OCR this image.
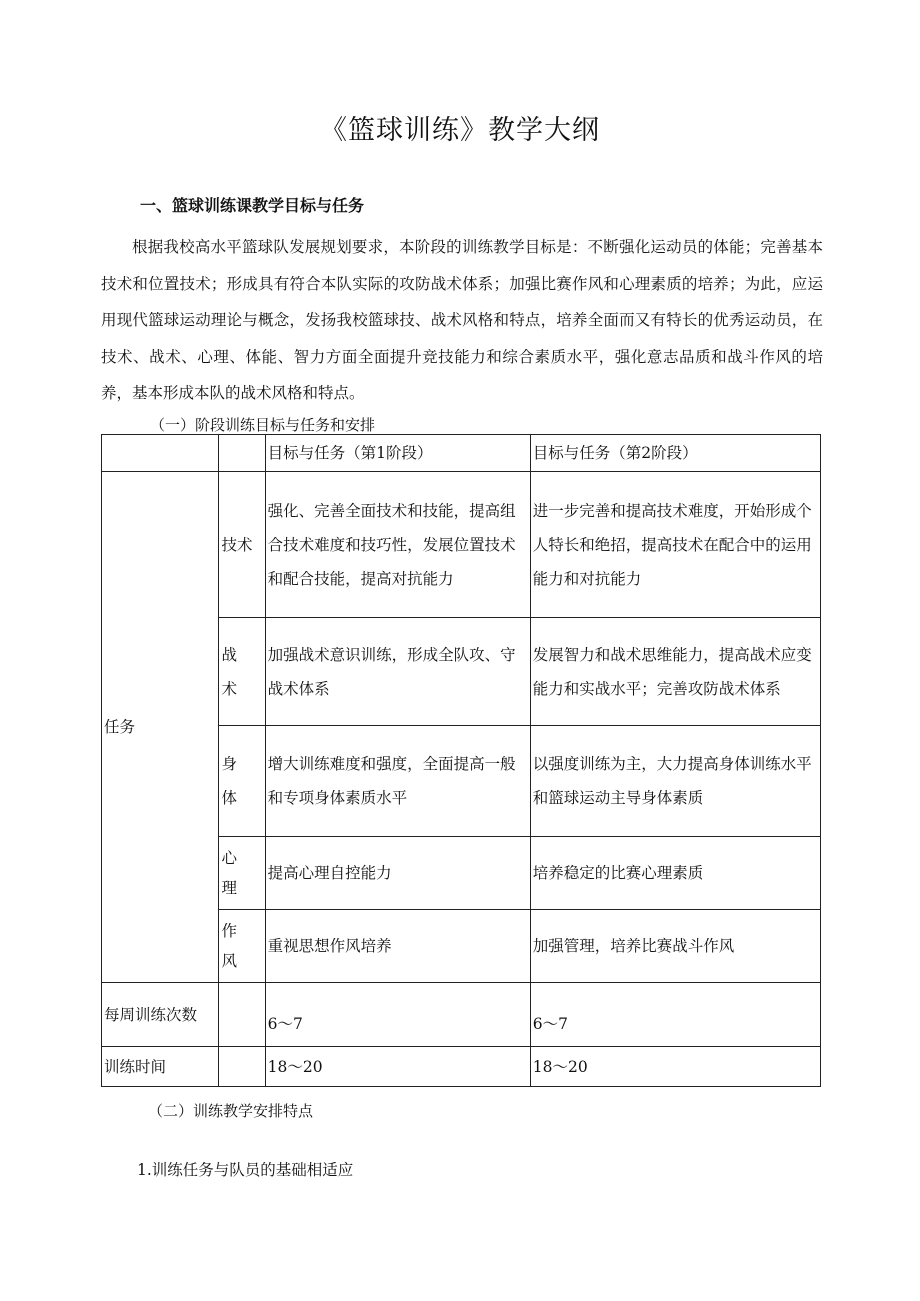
《篮球训练》教学大纲
一、篮球训练课教学目标与任务

根据我校高水平篮球队发展规划要求，本阶段的训练教学目标是：不断强化运动员的体能；完善基本技术和位置技术；形成具有符合本队实际的攻防战术体系；加强比赛作风和心理素质的培养；为此，应运用现代篮球运动理论与概念，发扬我校篮球技、战术风格和特点，培养全面而又有特长的优秀运动员，在技术、战术、心理、体能、智力方面全面提升竞技能力和综合素质水平，强化意志品质和战斗作风的培养，基本形成本队的战术风格和特点。

（一）阶段训练目标与任务和安排
		目标与任务（第1阶段）	目标与任务（第2阶段）
任务	技术	强化、完善全面技术和技能，提高组合技术难度和技巧性，发展位置技术和配合技能，提高对抗能力	进一步完善和提高技术难度，开始形成个人特长和绝招，提高技术在配合中的运用能力和对抗能力

	战术	加强战术意识训练，形成全队攻、守战术体系	发展智力和战术思维能力，提高战术应变能力和实战水平；完善攻防战术体系

	身体	增大训练难度和强度，全面提高一般和专项身体素质水平	以强度训练为主，大力提高身体训练水平和篮球运动主导身体素质

	心理	提高心理自控能力	培养稳定的比赛心理素质

	作风	重视思想作风培养	加强管理，培养比赛战斗作风
每周训练次数		6～7	6～7
训练时间		18～20	18～20
（二）训练教学安排特点
1.训练任务与队员的基础相适应
